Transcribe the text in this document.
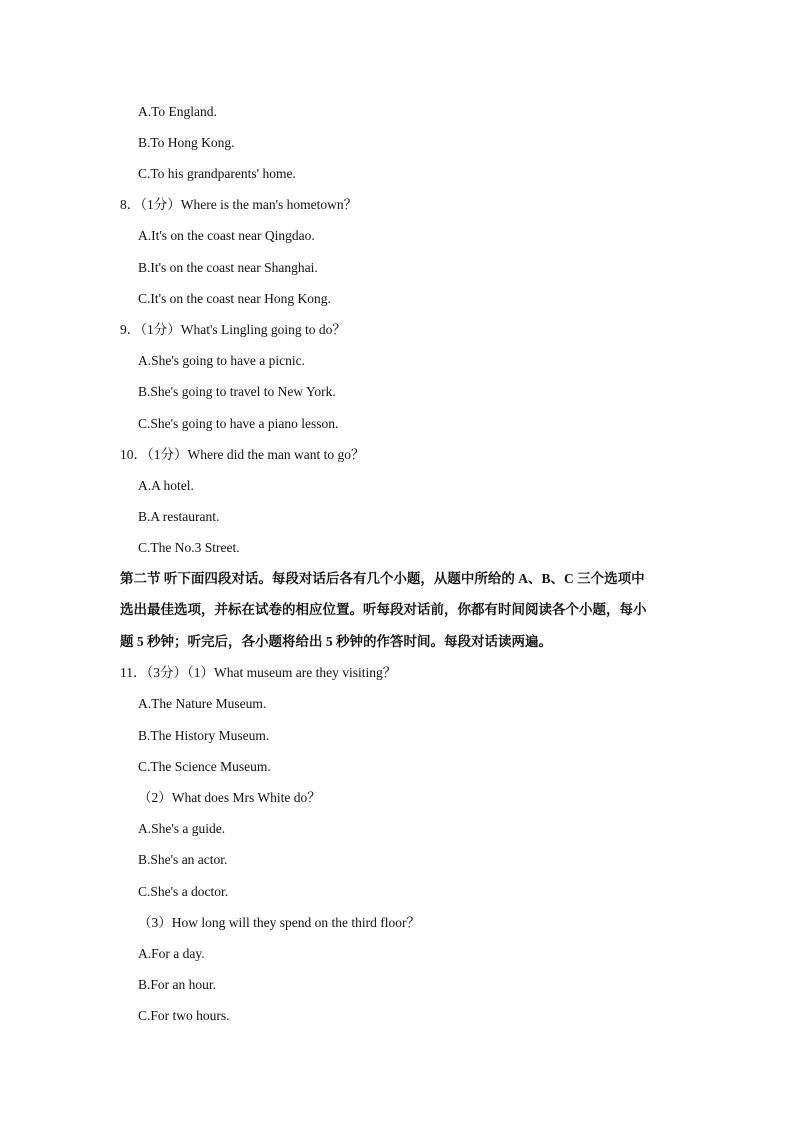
A.To England.
B.To Hong Kong.
C.To his grandparents' home.
8．（1分）Where is the man's hometown？
A.It's on the coast near Qingdao.
B.It's on the coast near Shanghai.
C.It's on the coast near Hong Kong.
9．（1分）What's Lingling going to do？
A.She's going to have a picnic.
B.She's going to travel to New York.
C.She's going to have a piano lesson.
10．（1分）Where did the man want to go？
A.A hotel.
B.A restaurant.
C.The No.3 Street.
第二节 听下面四段对话。每段对话后各有几个小题，从题中所给的 A、B、C 三个选项中
选出最佳选项，并标在试卷的相应位置。听每段对话前，你都有时间阅读各个小题，每小
题 5 秒钟；听完后，各小题将给出 5 秒钟的作答时间。每段对话读两遍。
11．（3分）（1）What museum are they visiting？
A.The Nature Museum.
B.The History Museum.
C.The Science Museum.
（2）What does Mrs White do？
A.She's a guide.
B.She's an actor.
C.She's a doctor.
（3）How long will they spend on the third floor？
A.For a day.
B.For an hour.
C.For two hours.
